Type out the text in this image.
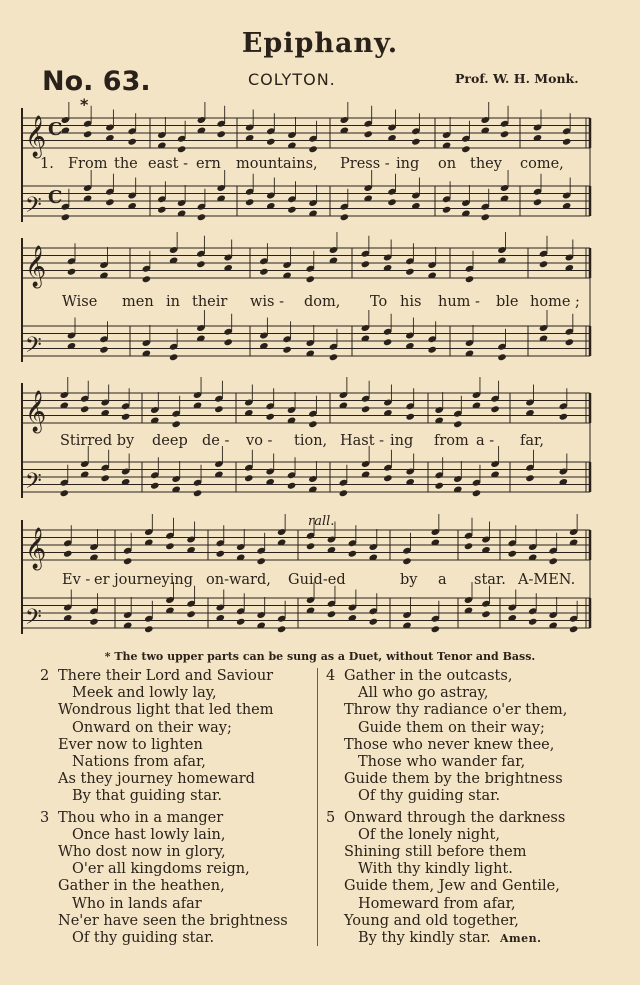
Epiphany.
No. 63.	COLYTON.	Prof. W. H. Monk.
𝄞
𝄢
𝄞
𝄢
𝄞
𝄢
𝄞
𝄢
C
C
*
1. From the east - ern mountains, Press - ing on they come,
Wise men in their wis - dom, To his hum - ble home ;
Stirred by deep de - vo - tion, Hast - ing from a - far,
rall.
Ev - er journeying on-ward, Guid-ed	by a star. A-MEN.
* The two upper parts can be sung as a Duet, without Tenor and Bass.
2 There their Lord and Saviour
Meek and lowly lay,
Wondrous light that led them
Onward on their way;
Ever now to lighten
Nations from afar,
As they journey homeward
By that guiding star.
3 Thou who in a manger
Once hast lowly lain,
Who dost now in glory,
O'er all kingdoms reign,
Gather in the heathen,
Who in lands afar
Ne'er have seen the brightness
Of thy guiding star.
4 Gather in the outcasts,
All who go astray,
Throw thy radiance o'er them,
Guide them on their way;
Those who never knew thee,
Those who wander far,
Guide them by the brightness
Of thy guiding star.
5 Onward through the darkness
Of the lonely night,
Shining still before them
With thy kindly light.
Guide them, Jew and Gentile,
Homeward from afar,
Young and old together,
By thy kindly star. Amen.
